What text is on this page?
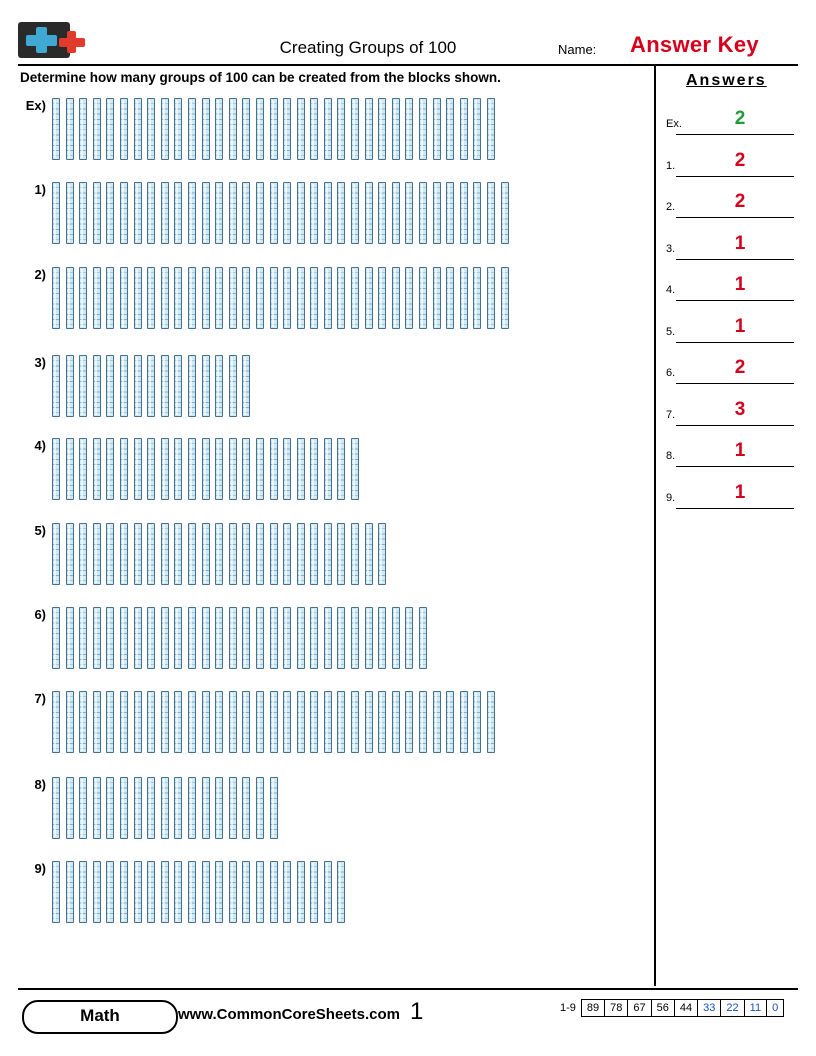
Creating Groups of 100	Name: Answer Key
Determine how many groups of 100 can be created from the blocks shown.	Answers
Ex.	2
1.	2
2.	2
3.	1
4.	1
5.	1
6.	2
7.	3
8.	1
9.	1
Ex)
1)
2)
3)
4)
5)
6)
7)
8)
9)
Math	www.CommonCoreSheets.com 1	1-9	89 78 67 56 44 33 22 11 0
